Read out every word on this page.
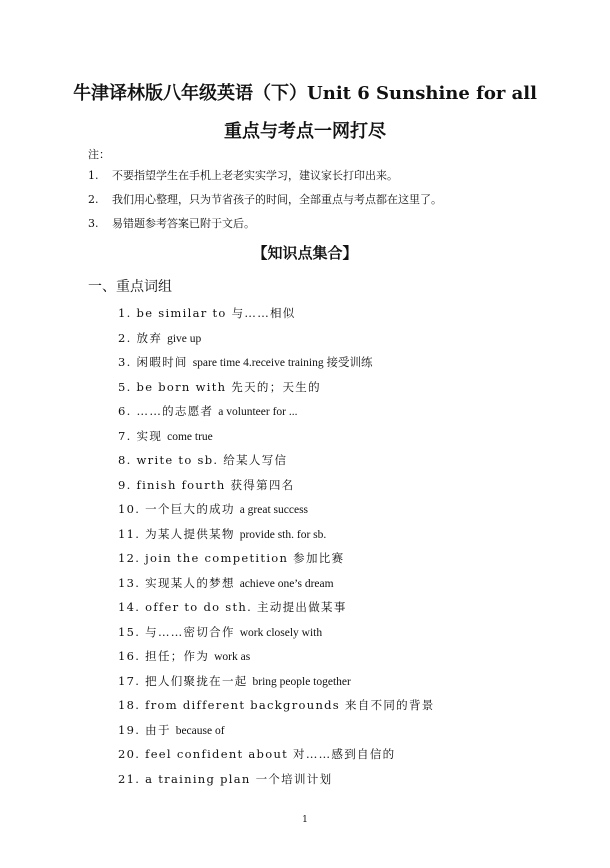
牛津译林版八年级英语（下）Unit 6 Sunshine for all
重点与考点一网打尽
注：
1. 不要指望学生在手机上老老实实学习，建议家长打印出来。
2. 我们用心整理，只为节省孩子的时间，全部重点与考点都在这里了。
3. 易错题参考答案已附于文后。
【知识点集合】
一、重点词组
1. be similar to 与……相似
2. 放弃 give up
3. 闲暇时间 spare time 4.receive training 接受训练
5. be born with 先天的；天生的
6. ……的志愿者 a volunteer for ...
7. 实现 come true
8. write to sb. 给某人写信
9. finish fourth 获得第四名
10. 一个巨大的成功 a great success
11. 为某人提供某物 provide sth. for sb.
12. join the competition 参加比赛
13. 实现某人的梦想 achieve one’s dream
14. offer to do sth. 主动提出做某事
15. 与……密切合作 work closely with
16. 担任；作为 work as
17. 把人们聚拢在一起 bring people together
18. from different backgrounds 来自不同的背景
19. 由于 because of
20. feel confident about 对……感到自信的
21. a training plan 一个培训计划
1
